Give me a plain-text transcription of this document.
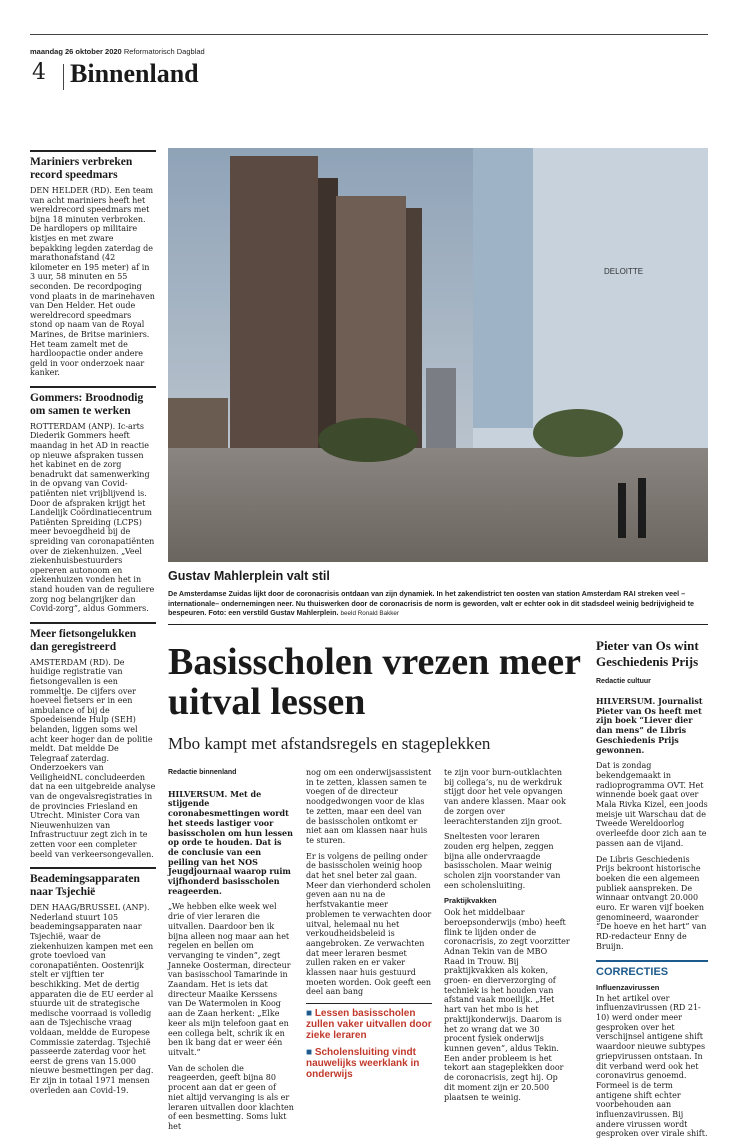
maandag 26 oktober 2020 Reformatorisch Dagblad
4 Binnenland
Mariniers verbreken record speedmars

DEN HELDER (RD). Een team van acht mariniers heeft het wereldrecord speedmars met bijna 18 minuten verbroken. De hardlopers op militaire kistjes en met zware bepakking legden zaterdag de marathonafstand (42 kilometer en 195 meter) af in 3 uur, 58 minuten en 55 seconden. De recordpoging vond plaats in de marinehaven van Den Helder. Het oude wereldrecord speedmars stond op naam van de Royal Marines, de Britse mariniers. Het team zamelt met de hardloopactie onder andere geld in voor onderzoek naar kanker.

Gommers: Broodnodig om samen te werken

ROTTERDAM (ANP). Ic-arts Diederik Gommers heeft maandag in het AD in reactie op nieuwe afspraken tussen het kabinet en de zorg benadrukt dat samenwerking in de opvang van Covid-patiënten niet vrijblijvend is. Door de afspraken krijgt het Landelijk Coördinatiecentrum Patiënten Spreiding (LCPS) meer bevoegdheid bij de spreiding van coronapatiënten over de ziekenhuizen. „Veel ziekenhuisbestuurders opereren autonoom en ziekenhuizen vonden het in stand houden van de reguliere zorg nog belangrijker dan Covid-zorg”, aldus Gommers.

Meer fietsongelukken dan geregistreerd

AMSTERDAM (RD). De huidige registratie van fietsongevallen is een rommeltje. De cijfers over hoeveel fietsers er in een ambulance of bij de Spoedeisende Hulp (SEH) belanden, liggen soms wel acht keer hoger dan de politie meldt. Dat meldde De Telegraaf zaterdag. Onderzoekers van VeiligheidNL concludeerden dat na een uitgebreide analyse van de ongevalsregistraties in de provincies Friesland en Utrecht. Minister Cora van Nieuwenhuizen van Infrastructuur zegt zich in te zetten voor een completer beeld van verkeersongevallen.

Beademingsapparaten naar Tsjechië

DEN HAAG/BRUSSEL (ANP). Nederland stuurt 105 beademingsapparaten naar Tsjechië, waar de ziekenhuizen kampen met een grote toevloed van coronapatiënten. Oostenrijk stelt er vijftien ter beschikking. Met de dertig apparaten die de EU eerder al stuurde uit de strategische medische voorraad is volledig aan de Tsjechische vraag voldaan, meldde de Europese Commissie zaterdag. Tsjechië passeerde zaterdag voor het eerst de grens van 15.000 nieuwe besmettingen per dag. Er zijn in totaal 1971 mensen overleden aan Covid-19.

DELOITTE
Gustav Mahlerplein valt stil
De Amsterdamse Zuidas lijkt door de coronacrisis ontdaan van zijn dynamiek. In het zakendistrict ten oosten van station Amsterdam RAI streken veel – internationale– ondernemingen neer. Nu thuiswerken door de coronacrisis de norm is geworden, valt er echter ook in dit stadsdeel weinig bedrijvigheid te bespeuren. Foto: een verstild Gustav Mahlerplein. beeld Ronald Bakker
Basisscholen vrezen meer uitval lessen
Mbo kampt met afstandsregels en stageplekken
Redactie binnenland

HILVERSUM. Met de stijgende coronabesmettingen wordt het steeds lastiger voor basisscholen om hun lessen op orde te houden. Dat is de conclusie van een peiling van het NOS Jeugdjournaal waarop ruim vijfhonderd basisscholen reageerden.

„We hebben elke week wel drie of vier leraren die uitvallen. Daardoor ben ik bijna alleen nog maar aan het regelen en bellen om vervanging te vinden”, zegt Janneke Oosterman, directeur van basisschool Tamarinde in Zaandam. Het is iets dat directeur Maaike Kerssens van De Watermolen in Koog aan de Zaan herkent: „Elke keer als mijn telefoon gaat en een collega belt, schrik ik en ben ik bang dat er weer één uitvalt.”

Van de scholen die reageerden, geeft bijna 80 procent aan dat er geen of niet altijd vervanging is als er leraren uitvallen door klachten of een besmetting. Soms lukt het

nog om een onderwijsassistent in te zetten, klassen samen te voegen of de directeur noodgedwongen voor de klas te zetten, maar een deel van de basisscholen ontkomt er niet aan om klassen naar huis te sturen.

Er is volgens de peiling onder de basisscholen weinig hoop dat het snel beter zal gaan. Meer dan vierhonderd scholen geven aan nu na de herfstvakantie meer problemen te verwachten door uitval, helemaal nu het verkoudheidsbeleid is aangebroken. Ze verwachten dat meer leraren besmet zullen raken en er vaker klassen naar huis gestuurd moeten worden. Ook geeft een deel aan bang

■ Lessen basisscholen zullen vaker uitvallen door zieke leraren
■ Scholensluiting vindt nauwelijks weerklank in onderwijs

te zijn voor burn-outklachten bij collega’s, nu de werkdruk stijgt door het vele opvangen van andere klassen. Maar ook de zorgen over leerachterstanden zijn groot.

Sneltesten voor leraren zouden erg helpen, zeggen bijna alle ondervraagde basisscholen. Maar weinig scholen zijn voorstander van een scholensluiting.

Praktijkvakken

Ook het middelbaar beroepsonderwijs (mbo) heeft flink te lijden onder de coronacrisis, zo zegt voorzitter Adnan Tekin van de MBO Raad in Trouw. Bij praktijkvakken als koken, groen- en dierverzorging of techniek is het houden van afstand vaak moeilijk. „Het hart van het mbo is het praktijkonderwijs. Daarom is het zo wrang dat we 30 procent fysiek onderwijs kunnen geven”, aldus Tekin. Een ander probleem is het tekort aan stageplekken door de coronacrisis, zegt hij. Op dit moment zijn er 20.500 plaatsen te weinig.

Pieter van Os wint Geschiedenis Prijs
Redactie cultuur

HILVERSUM. Journalist Pieter van Os heeft met zijn boek “Liever dier dan mens” de Libris Geschiedenis Prijs gewonnen.

Dat is zondag bekendgemaakt in radioprogramma OVT. Het winnende boek gaat over Mala Rivka Kizel, een joods meisje uit Warschau dat de Tweede Wereldoorlog overleefde door zich aan te passen aan de vijand.

De Libris Geschiedenis Prijs bekroont historische boeken die een algemeen publiek aanspreken. De winnaar ontvangt 20.000 euro. Er waren vijf boeken genomineerd, waaronder “De hoeve en het hart” van RD-redacteur Enny de Bruijn.

CORRECTIES
Influenzavirussen
In het artikel over influenzavirussen (RD 21-10) werd onder meer gesproken over het verschijnsel antigene shift waardoor nieuwe subtypes griepvirussen ontstaan. In dit verband werd ook het coronavirus genoemd. Formeel is de term antigene shift echter voorbehouden aan influenzavirussen. Bij andere virussen wordt gesproken over virale shift.
